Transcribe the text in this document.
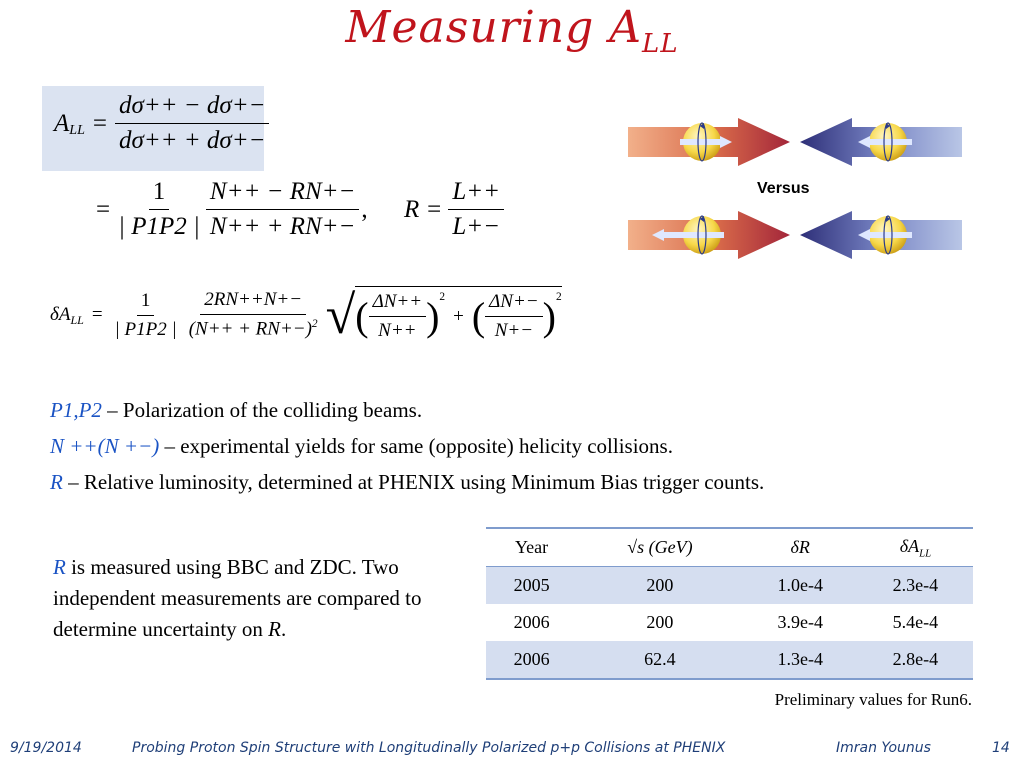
Measuring $A_{LL}$
$A_{LL} = \frac{d\sigma++ - d\sigma+-}{d\sigma++ + d\sigma+-}$
= $\frac{1}{| P1P2 |} \frac{N++ - RN+-}{N++ + RN+-}$ , $R = \frac{L++}{L+-}$
$\delta A_{LL} = \frac{1}{| P1P2 |} \frac{2RN++N+-}{(N++ + RN+-)^2}$ √ ( $\frac{\Delta N++}{N++} )^2$
+ ( $\frac{\Delta N+-}{N+-} )^2$
Versus
P1,P2 – Polarization of the colliding beams.
N ++(N +−) – experimental yields for same (opposite) helicity collisions.
R – Relative luminosity, determined at PHENIX using Minimum Bias trigger counts.
R is measured using BBC and ZDC. Two independent measurements are compared to determine uncertainty on R.
Year	√s (GeV)	δR	$\delta A_{LL}$
2005	200	1.0e-4	2.3e-4
2006	200	3.9e-4	5.4e-4
2006	62.4	1.3e-4	2.8e-4
Preliminary values for Run6.
9/19/2014	Probing Proton Spin Structure with Longitudinally Polarized p+p Collisions at PHENIX	Imran Younus	14
